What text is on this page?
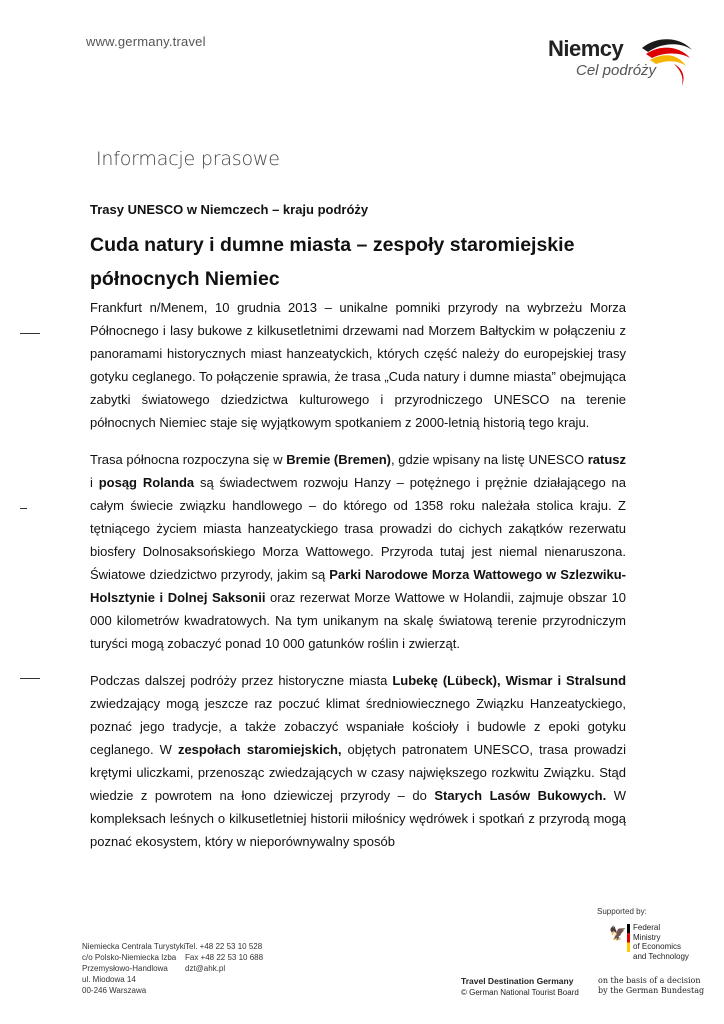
www.germany.travel	Niemcy
Cel podróży
Informacje prasowe
Trasy UNESCO w Niemczech – kraju podróży
Cuda natury i dumne miasta – zespoły staromiejskie północnych Niemiec

Frankfurt n/Menem, 10 grudnia 2013 – unikalne pomniki przyrody na wybrzeżu Morza Północnego i lasy bukowe z kilkusetletnimi drzewami nad Morzem Bałtyckim w połączeniu z panoramami historycznych miast hanzeatyckich, których część należy do europejskiej trasy gotyku ceglanego. To połączenie sprawia, że trasa „Cuda natury i dumne miasta” obejmująca zabytki światowego dziedzictwa kulturowego i przyrodniczego UNESCO na terenie północnych Niemiec staje się wyjątkowym spotkaniem z 2000-letnią historią tego kraju.

Trasa północna rozpoczyna się w Bremie (Bremen), gdzie wpisany na listę UNESCO ratusz i posąg Rolanda są świadectwem rozwoju Hanzy – potężnego i prężnie działającego na całym świecie związku handlowego – do którego od 1358 roku należała stolica kraju. Z tętniącego życiem miasta hanzeatyckiego trasa prowadzi do cichych zakątków rezerwatu biosfery Dolnosaksońskiego Morza Wattowego. Przyroda tutaj jest niemal nienaruszona. Światowe dziedzictwo przyrody, jakim są Parki Narodowe Morza Wattowego w Szlezwiku-Holsztynie i Dolnej Saksonii oraz rezerwat Morze Wattowe w Holandii, zajmuje obszar 10 000 kilometrów kwadratowych. Na tym unikanym na skalę światową terenie przyrodniczym turyści mogą zobaczyć ponad 10 000 gatunków roślin i zwierząt.

Podczas dalszej podróży przez historyczne miasta Lubekę (Lübeck), Wismar i Stralsund zwiedzający mogą jeszcze raz poczuć klimat średniowiecznego Związku Hanzeatyckiego, poznać jego tradycje, a także zobaczyć wspaniałe kościoły i budowle z epoki gotyku ceglanego. W zespołach staromiejskich, objętych patronatem UNESCO, trasa prowadzi krętymi uliczkami, przenosząc zwiedzających w czasy największego rozkwitu Związku. Stąd wiedzie z powrotem na łono dziewiczej przyrody – do Starych Lasów Bukowych. W kompleksach leśnych o kilkusetletniej historii miłośnicy wędrówek i spotkań z przyrodą mogą poznać ekosystem, który w nieporównywalny sposób

Supported by:
🦅 Federal Ministry
of Economics
and Technology
Niemiecka Centrala Turystyki
c/o Polsko-Niemiecka Izba
Przemysłowo-Handlowa
ul. Miodowa 14
00-246 Warszawa
Tel. +48 22 53 10 528
Fax +48 22 53 10 688
dzt@ahk.pl
Travel Destination Germany
© German National Tourist Board
on the basis of a decision
by the German Bundestag
